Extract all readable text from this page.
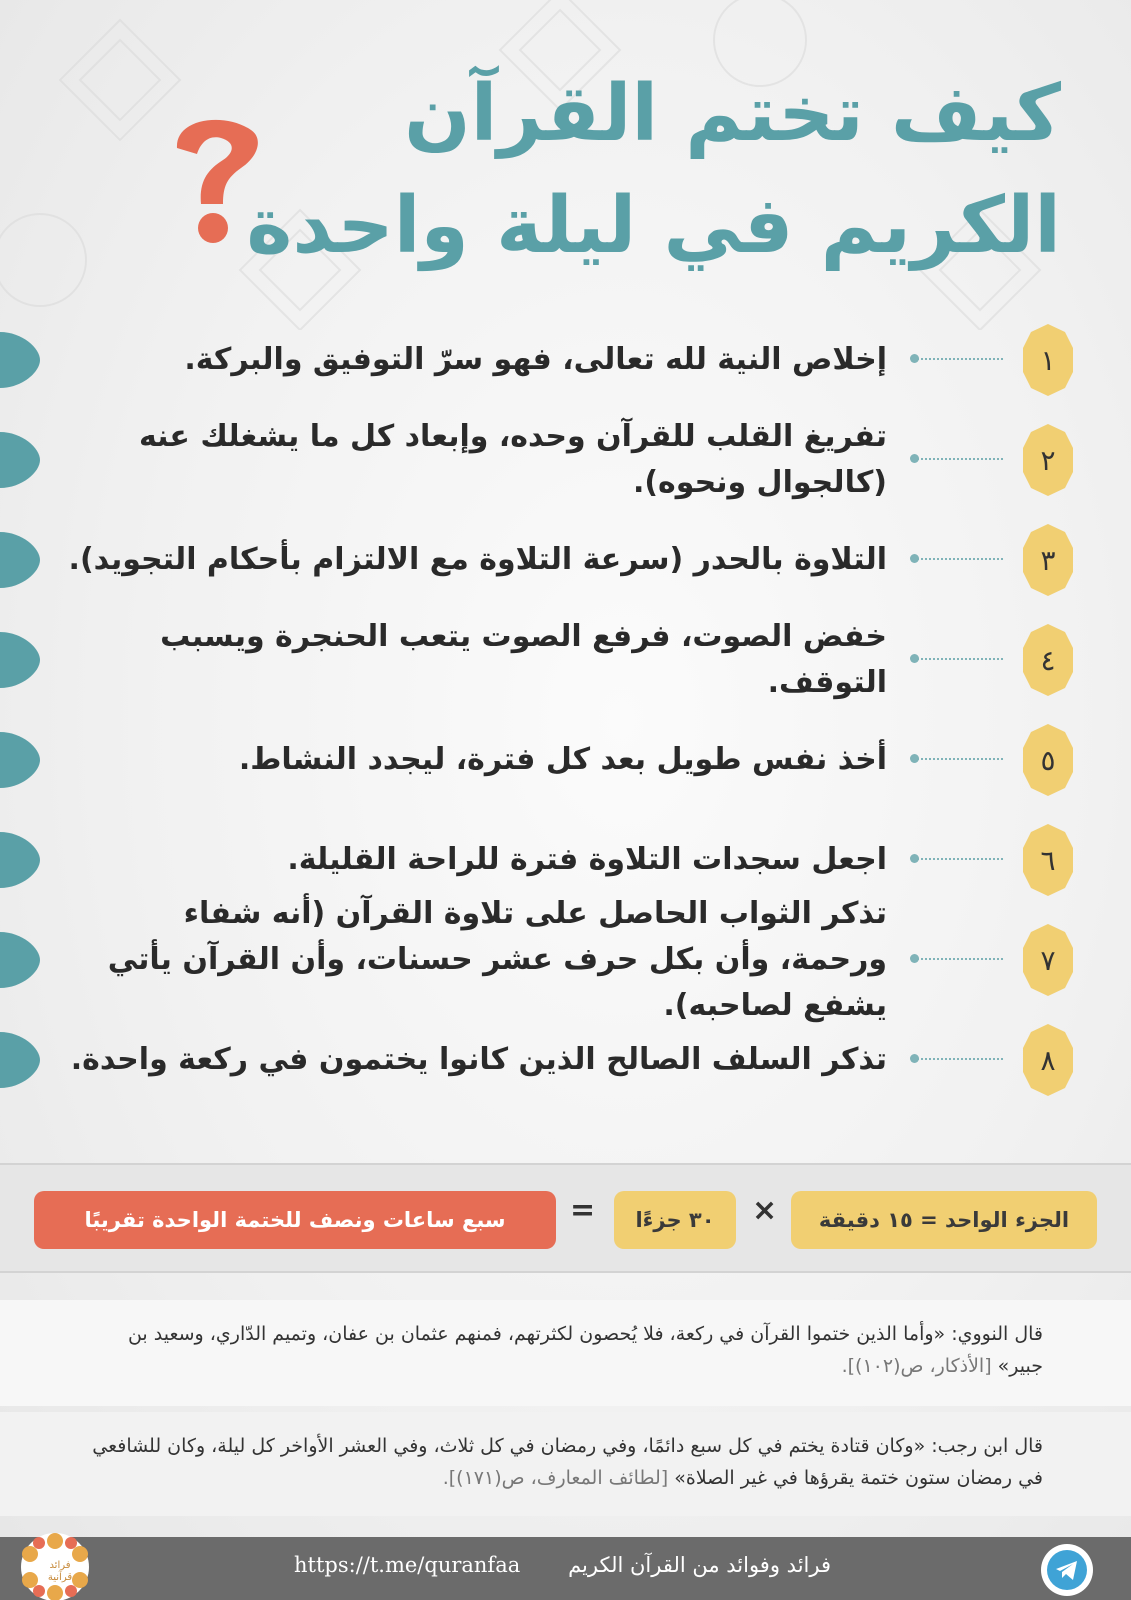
كيف تختم القرآن
الكريم في ليلة واحدة
١
إخلاص النية لله تعالى، فهو سرّ التوفيق والبركة.
٢
تفريغ القلب للقرآن وحده، وإبعاد كل ما يشغلك عنه (كالجوال ونحوه).
٣
التلاوة بالحدر (سرعة التلاوة مع الالتزام بأحكام التجويد).
٤
خفض الصوت، فرفع الصوت يتعب الحنجرة ويسبب التوقف.
٥
أخذ نفس طويل بعد كل فترة، ليجدد النشاط.
٦
اجعل سجدات التلاوة فترة للراحة القليلة.
٧
تذكر الثواب الحاصل على تلاوة القرآن (أنه شفاء ورحمة، وأن بكل حرف عشر حسنات، وأن القرآن يأتي يشفع لصاحبه).
٨
تذكر السلف الصالح الذين كانوا يختمون في ركعة واحدة.
الجزء الواحد = ١٥ دقيقة
×
٣٠ جزءًا
=
سبع ساعات ونصف للختمة الواحدة تقريبًا
قال النووي: «وأما الذين ختموا القرآن في ركعة، فلا يُحصون لكثرتهم، فمنهم عثمان بن عفان، وتميم الدّاري، وسعيد بن جبير» [الأذكار، ص(١٠٢)].
قال ابن رجب: «وكان قتادة يختم في كل سبع دائمًا، وفي رمضان في كل ثلاث، وفي العشر الأواخر كل ليلة، وكان للشافعي في رمضان ستون ختمة يقرؤها في غير الصلاة» [لطائف المعارف، ص(١٧١)].
فرائد وفوائد من القرآن الكريم
https://t.me/quranfaa
فرائد قرآنية
